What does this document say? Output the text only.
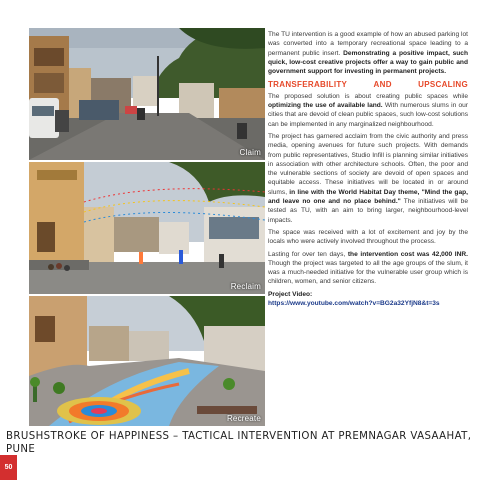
Claim
Reclaim
Recreate

The TU intervention is a good example of how an abused parking lot was converted into a temporary recreational space leading to a permanent public insert. Demonstrating a positive impact, such quick, low-cost creative projects offer a way to gain public and government support for investing in permanent projects.

TRANSFERABILITY	AND	UPSCALING

The proposed solution is about creating public spaces while optimizing the use of available land. With numerous slums in our cities that are devoid of clean public spaces, such low-cost solutions can be implemented in any marginalized neighbourhood.

The project has garnered acclaim from the civic authority and press media, opening avenues for future such projects. With demands from public representatives, Studio Infill is planning similar initiatives in association with other architecture schools. Often, the poor and the vulnerable sections of society are devoid of open spaces and equitable access. These initiatives will be located in or around slums, in line with the World Habitat Day theme, "Mind the gap, and leave no one and no place behind." The initiatives will be tested as TU, with an aim to bring larger, neighbourhood-level impacts.

The space was received with a lot of excitement and joy by the locals who were actively involved throughout the process.

Lasting for over ten days, the intervention cost was 42,000 INR. Though the project was targeted to all the age groups of the slum, it was a much-needed initiative for the vulnerable user group which is children, women, and senior citizens.

Project Video:
https://www.youtube.com/watch?v=BG2a32YfjN8&t=3s
BRUSHSTROKE OF HAPPINESS – TACTICAL INTERVENTION AT PREMNAGAR VASAAHAT, PUNE
50
